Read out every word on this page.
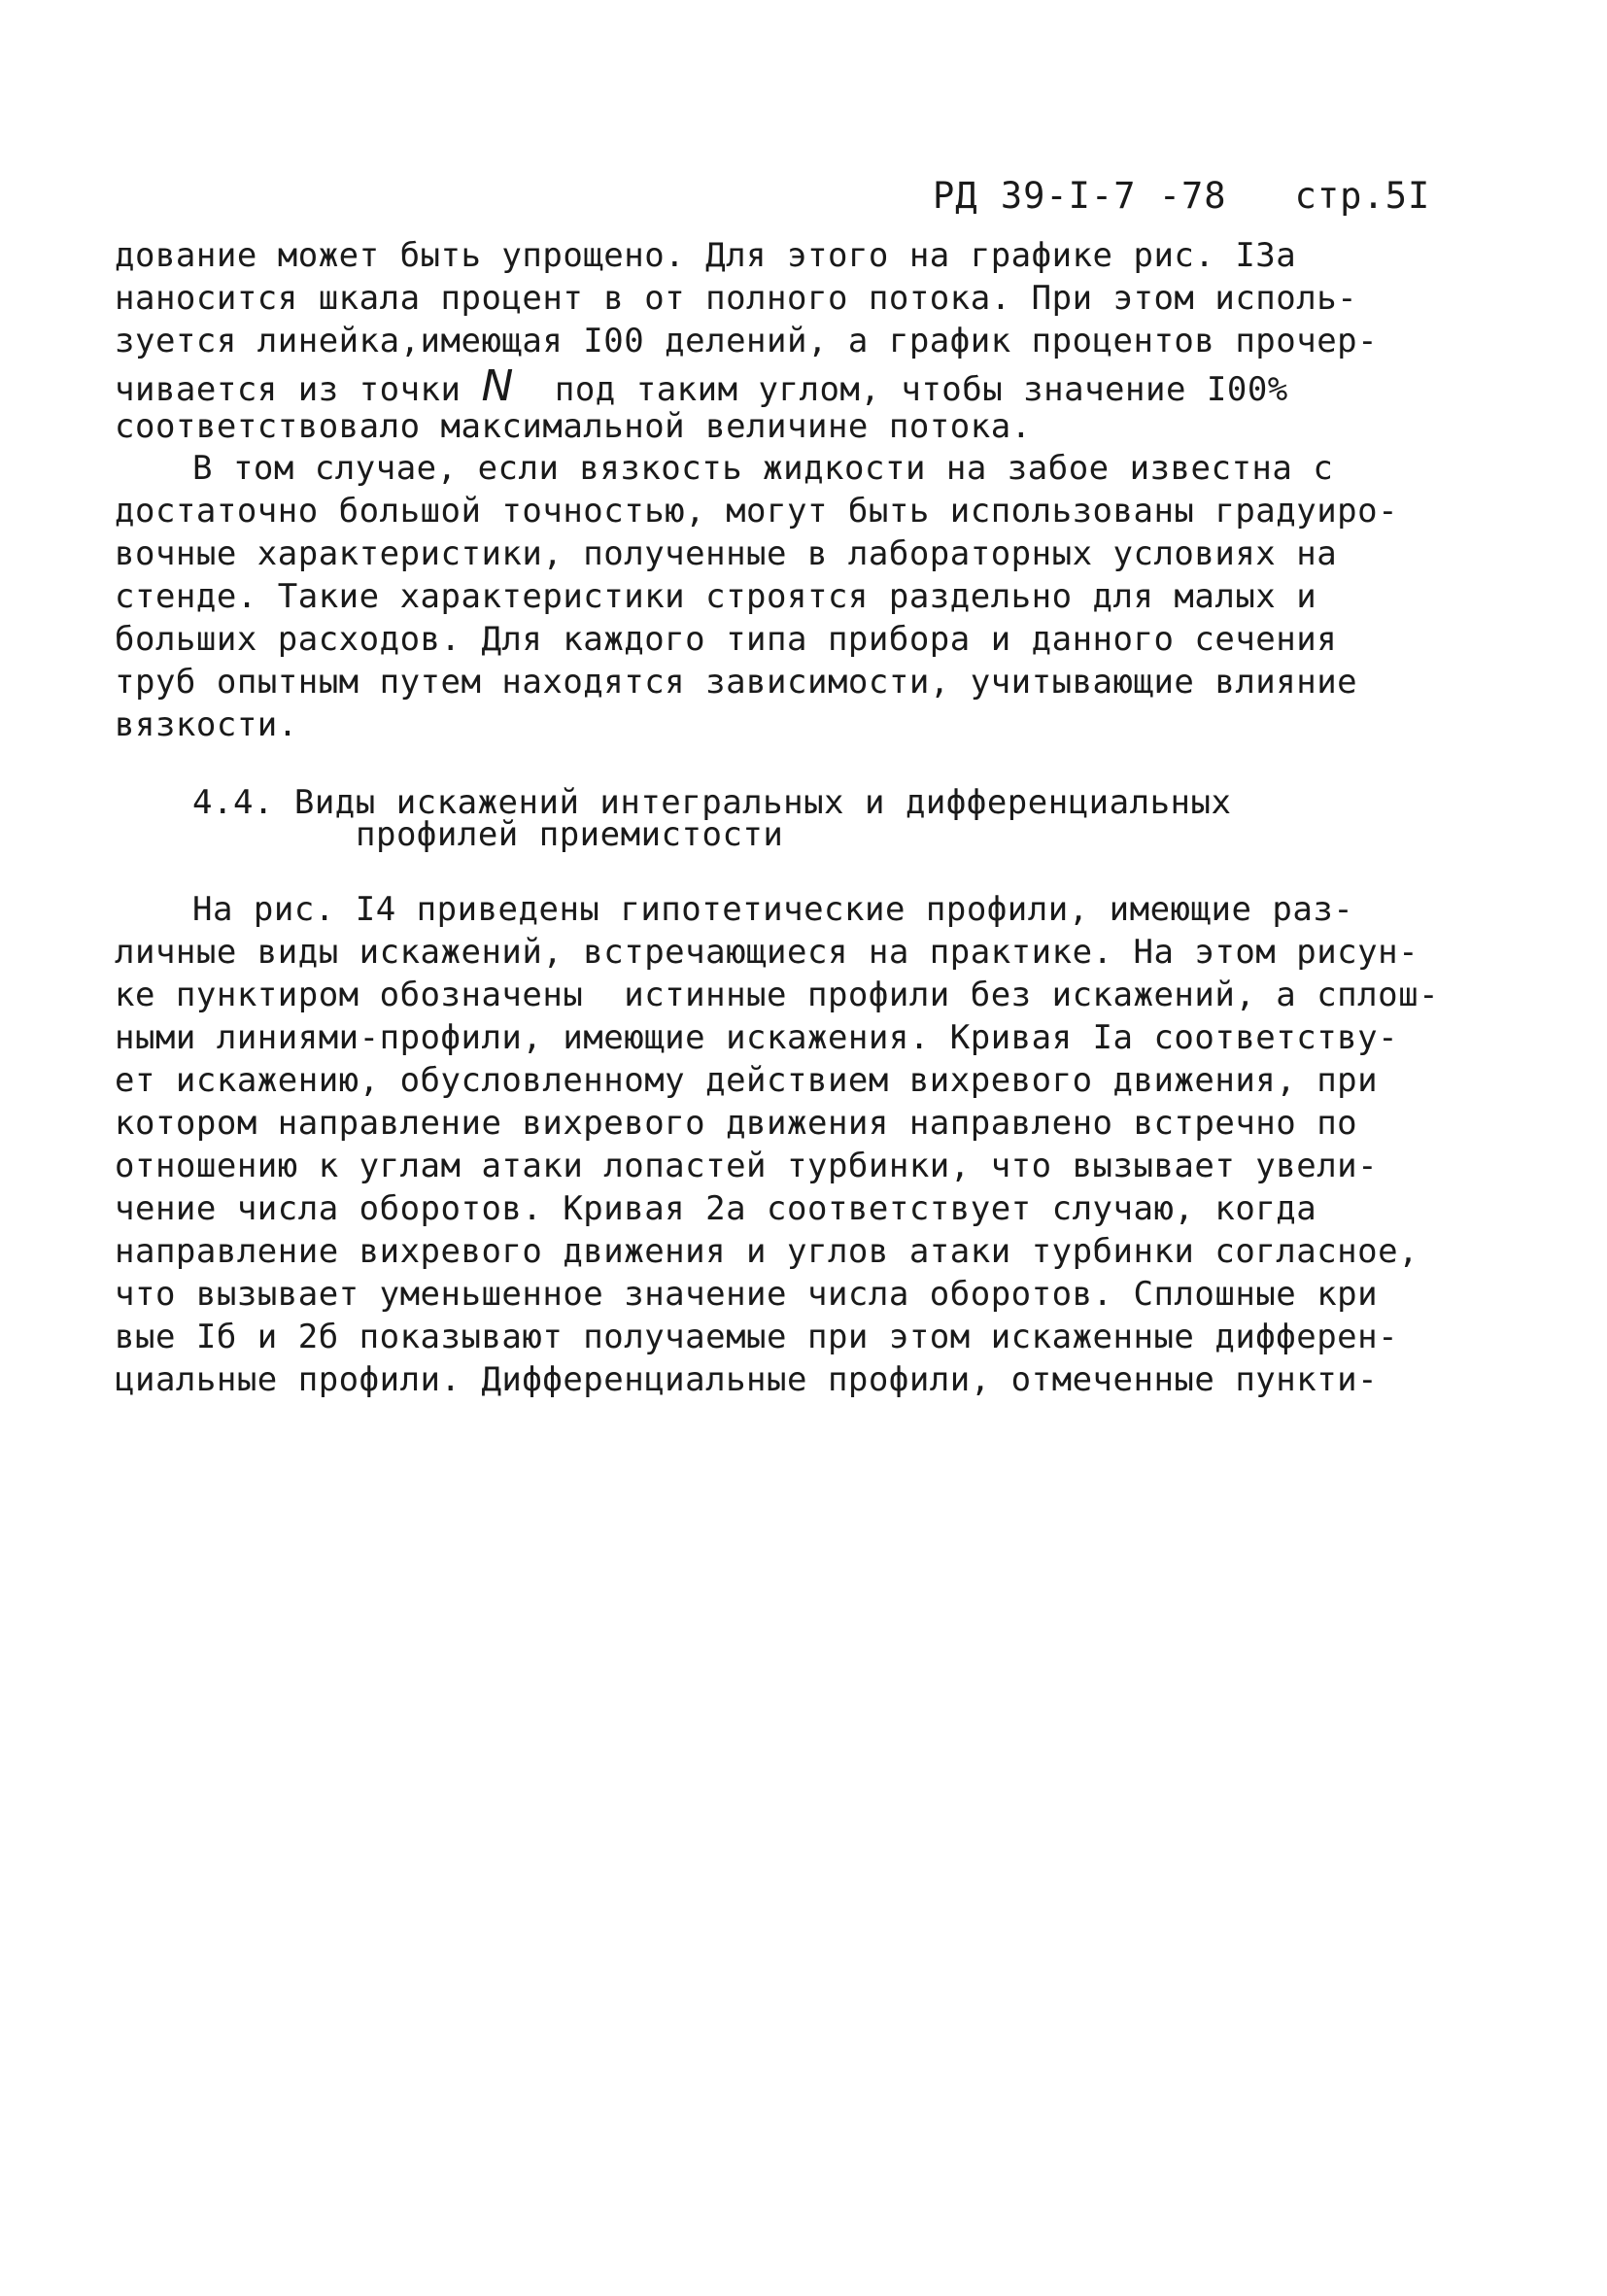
РД 39-I-7 -78 стр.5I
дование может быть упрощено. Для этого на графике рис. I3а
наносится шкала процент в от полного потока. При этом исполь-
зуется линейка,имеющая I00 делений, а график процентов прочер-
чивается из точки N под таким углом, чтобы значение I00%
соответствовало максимальной величине потока.
В том случае, если вязкость жидкости на забое известна с
достаточно большой точностью, могут быть использованы градуиро-
вочные характеристики, полученные в лабораторных условиях на
стенде. Такие характеристики строятся раздельно для малых и
больших расходов. Для каждого типа прибора и данного сечения
труб опытным путем находятся зависимости, учитывающие влияние
вязкости.
4.4. Виды искажений интегральных и дифференциальных
профилей приемистости
На рис. I4 приведены гипотетические профили, имеющие раз-
личные виды искажений, встречающиеся на практике. На этом рисун-
ке пунктиром обозначены  истинные профили без искажений, а сплош-
ными линиями-профили, имеющие искажения. Кривая Iа соответству-
ет искажению, обусловленному действием вихревого движения, при
котором направление вихревого движения направлено встречно по
отношению к углам атаки лопастей турбинки, что вызывает увели-
чение числа оборотов. Кривая 2а соответствует случаю, когда
направление вихревого движения и углов атаки турбинки согласное,
что вызывает уменьшенное значение числа оборотов. Сплошные кри
вые Iб и 2б показывают получаемые при этом искаженные дифферен-
циальные профили. Дифференциальные профили, отмеченные пункти-
